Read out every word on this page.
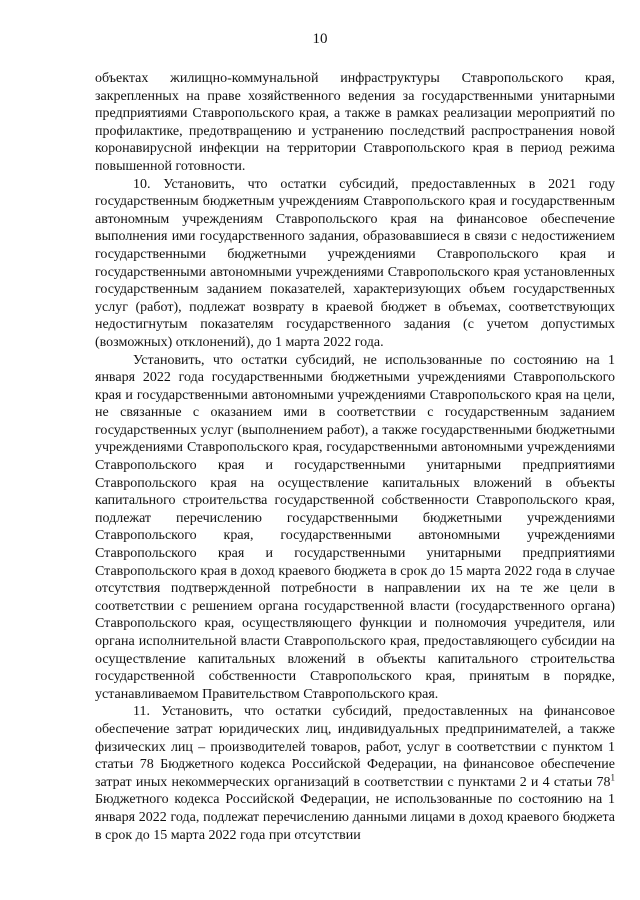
10

объектах жилищно-коммунальной инфраструктуры Ставропольского края, закрепленных на праве хозяйственного ведения за государственными унитарными предприятиями Ставропольского края, а также в рамках реализации мероприятий по профилактике, предотвращению и устранению последствий распространения новой коронавирусной инфекции на территории Ставропольского края в период режима повышенной готовности.

10. Установить, что остатки субсидий, предоставленных в 2021 году государственным бюджетным учреждениям Ставропольского края и государственным автономным учреждениям Ставропольского края на финансовое обеспечение выполнения ими государственного задания, образовавшиеся в связи с недостижением государственными бюджетными учреждениями Ставропольского края и государственными автономными учреждениями Ставропольского края установленных государственным заданием показателей, характеризующих объем государственных услуг (работ), подлежат возврату в краевой бюджет в объемах, соответствующих недостигнутым показателям государственного задания (с учетом допустимых (возможных) отклонений), до 1 марта 2022 года.

Установить, что остатки субсидий, не использованные по состоянию на 1 января 2022 года государственными бюджетными учреждениями Ставропольского края и государственными автономными учреждениями Ставропольского края на цели, не связанные с оказанием ими в соответствии с государственным заданием государственных услуг (выполнением работ), а также государственными бюджетными учреждениями Ставропольского края, государственными автономными учреждениями Ставропольского края и государственными унитарными предприятиями Ставропольского края на осуществление капитальных вложений в объекты капитального строительства государственной собственности Ставропольского края, подлежат перечислению государственными бюджетными учреждениями Ставропольского края, государственными автономными учреждениями Ставропольского края и государственными унитарными предприятиями Ставропольского края в доход краевого бюджета в срок до 15 марта 2022 года в случае отсутствия подтвержденной потребности в направлении их на те же цели в соответствии с решением органа государственной власти (государственного органа) Ставропольского края, осуществляющего функции и полномочия учредителя, или органа исполнительной власти Ставропольского края, предоставляющего субсидии на осуществление капитальных вложений в объекты капитального строительства государственной собственности Ставропольского края, принятым в порядке, устанавливаемом Правительством Ставропольского края.

11. Установить, что остатки субсидий, предоставленных на финансовое обеспечение затрат юридических лиц, индивидуальных предпринимателей, а также физических лиц – производителей товаров, работ, услуг в соответствии с пунктом 1 статьи 78 Бюджетного кодекса Российской Федерации, на финансовое обеспечение затрат иных некоммерческих организаций в соответствии с пунктами 2 и 4 статьи $78^1$ Бюджетного кодекса Российской Федерации, не использованные по состоянию на 1 января 2022 года, подлежат перечислению данными лицами в доход краевого бюджета в срок до 15 марта 2022 года при отсутствии
